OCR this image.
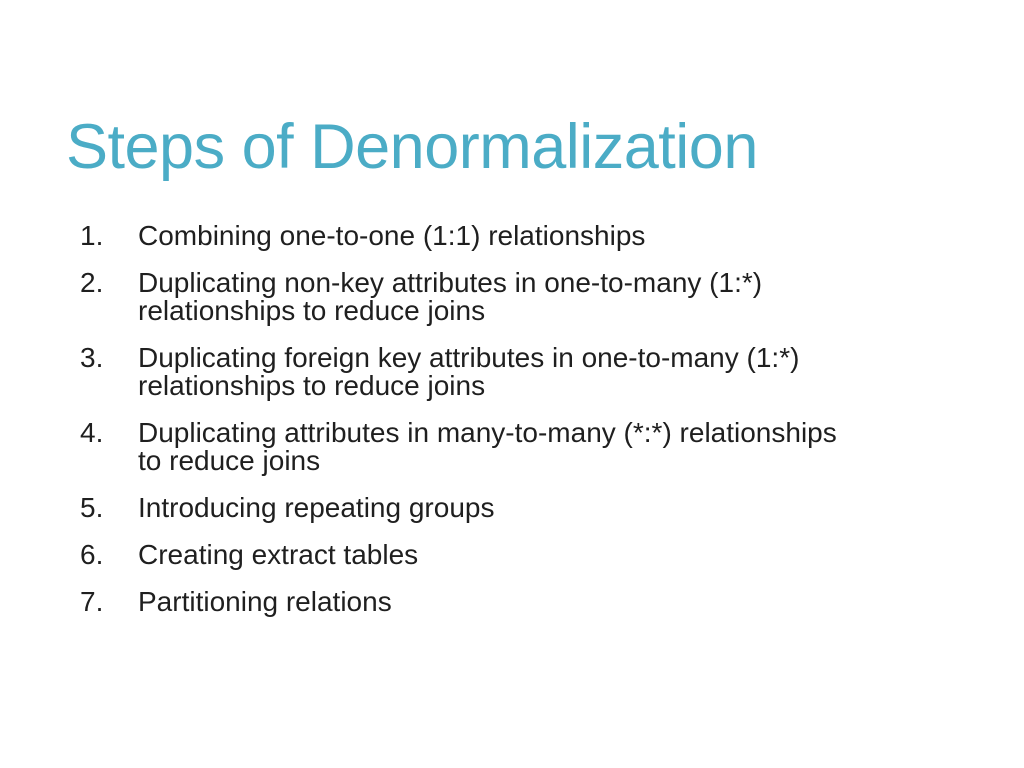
Steps of Denormalization
1.	Combining one-to-one (1:1) relationships
2.	Duplicating non-key attributes in one-to-many (1:*)
relationships to reduce joins
3.	Duplicating foreign key attributes in one-to-many (1:*)
relationships to reduce joins
4.	Duplicating attributes in many-to-many (*:*) relationships
to reduce joins
5.	Introducing repeating groups
6.	Creating extract tables
7.	Partitioning relations
